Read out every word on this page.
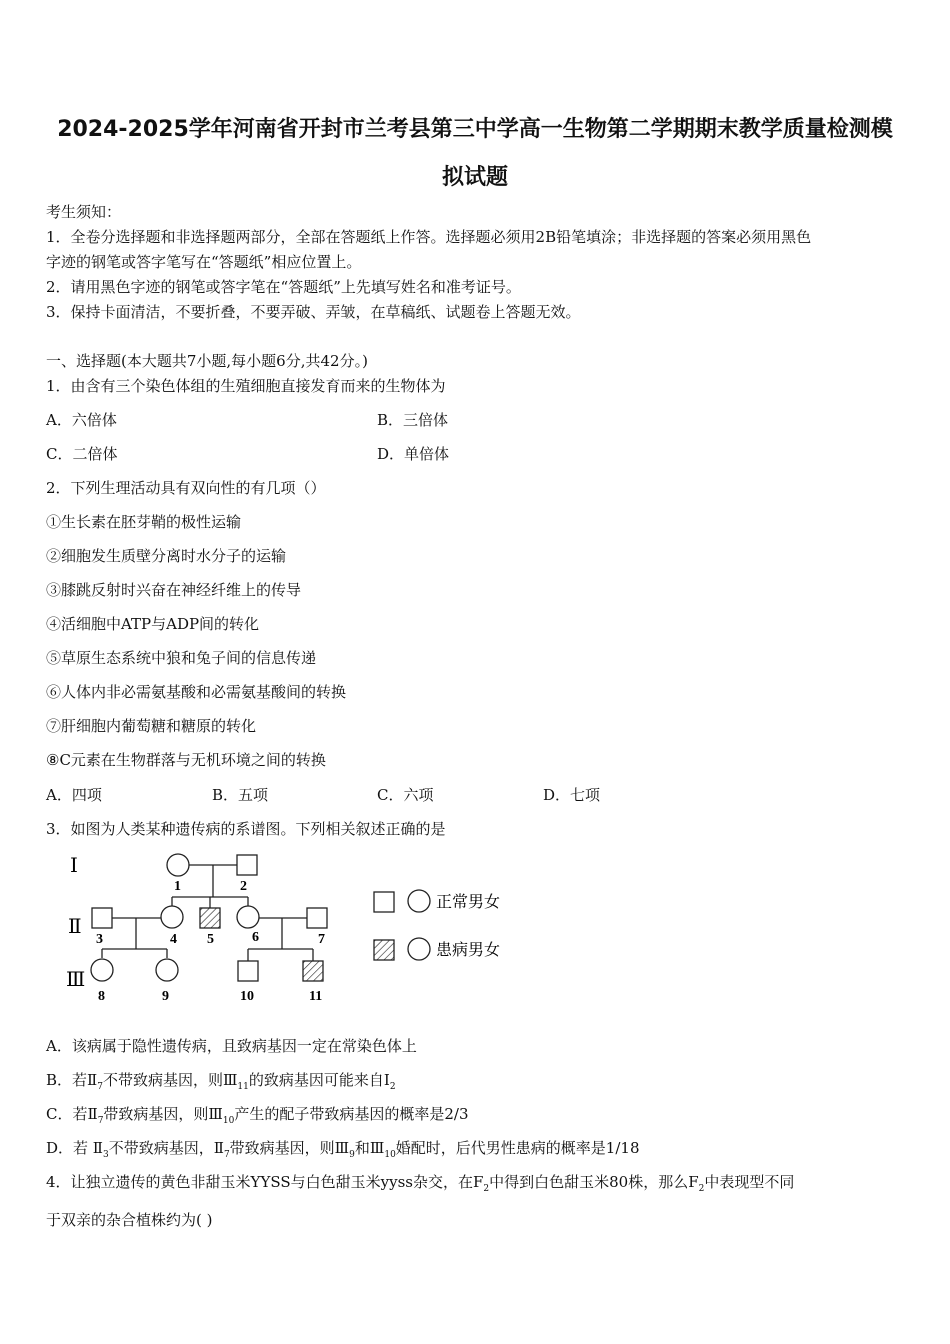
2024-2025学年河南省开封市兰考县第三中学高一生物第二学期期末教学质量检测模
拟试题
考生须知：
1．全卷分选择题和非选择题两部分，全部在答题纸上作答。选择题必须用2B铅笔填涂；非选择题的答案必须用黑色
字迹的钢笔或答字笔写在“答题纸”相应位置上。
2．请用黑色字迹的钢笔或答字笔在“答题纸”上先填写姓名和准考证号。
3．保持卡面清洁，不要折叠，不要弄破、弄皱，在草稿纸、试题卷上答题无效。
一、选择题(本大题共7小题,每小题6分,共42分。)
1．由含有三个染色体组的生殖细胞直接发育而来的生物体为
A．六倍体	B．三倍体
C．二倍体	D．单倍体
2．下列生理活动具有双向性的有几项（）
①生长素在胚芽鞘的极性运输
②细胞发生质壁分离时水分子的运输
③膝跳反射时兴奋在神经纤维上的传导
④活细胞中ATP与ADP间的转化
⑤草原生态系统中狼和兔子间的信息传递
⑥人体内非必需氨基酸和必需氨基酸间的转换
⑦肝细胞内葡萄糖和糖原的转化
⑧C元素在生物群落与无机环境之间的转换
A．四项	B．五项	C．六项	D．七项
3．如图为人类某种遗传病的系谱图。下列相关叙述正确的是
Ⅰ
Ⅱ
Ⅲ
1	2
3	4 5	6	7
8	9	10	11
正常男女
患病男女
A．该病属于隐性遗传病，且致病基因一定在常染色体上
B．若$Ⅱ_7$不带致病基因，则$Ⅲ_{11}$的致病基因可能来自$Ⅰ_2$
C．若$Ⅱ_7$带致病基因，则$Ⅲ_{10}$产生的配子带致病基因的概率是2/3
D．若 $Ⅱ_3$不带致病基因，$Ⅱ_7$带致病基因，则$Ⅲ_9$和$Ⅲ_{10}$婚配时，后代男性患病的概率是1/18
4．让独立遗传的黄色非甜玉米YYSS与白色甜玉米yyss杂交，在$F_2$中得到白色甜玉米80株，那么$F_2$中表现型不同
于双亲的杂合植株约为( )
